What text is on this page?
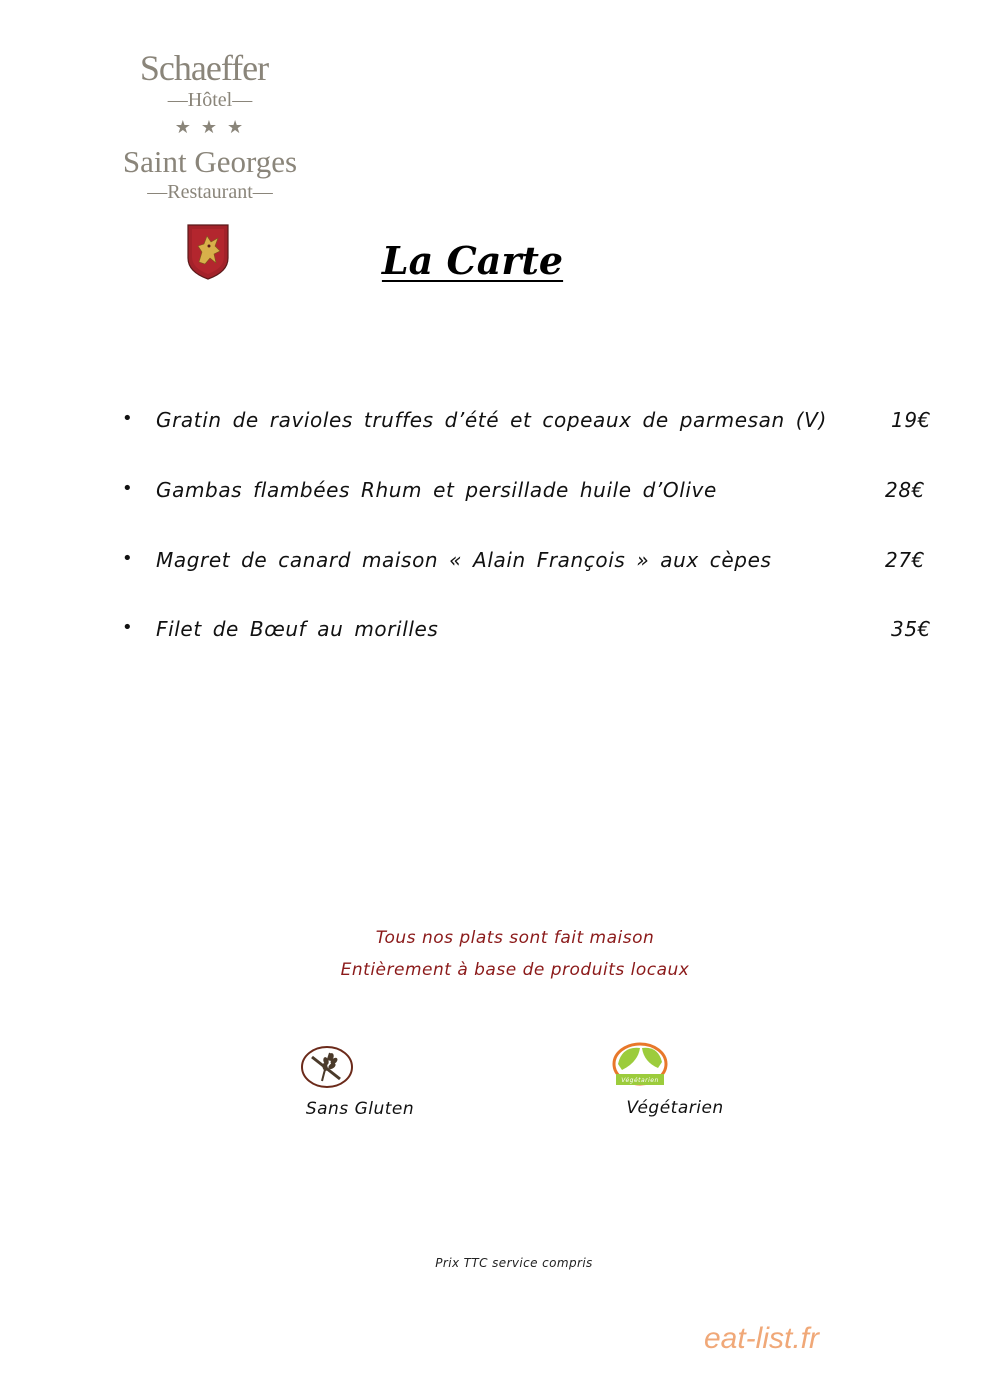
Schaeffer
—Hôtel—
★★★
Saint Georges
—Restaurant—
La Carte
• Gratin de ravioles truffes d’été et copeaux de parmesan (V)	19€
• Gambas flambées Rhum et persillade huile d’Olive	28€
• Magret de canard maison « Alain François » aux cèpes	27€
• Filet de Bœuf au morilles	35€
Tous nos plats sont fait maison
Entièrement à base de produits locaux
Sans Gluten
Végétarien
Végétarien
Prix TTC service compris
eat-list.fr
